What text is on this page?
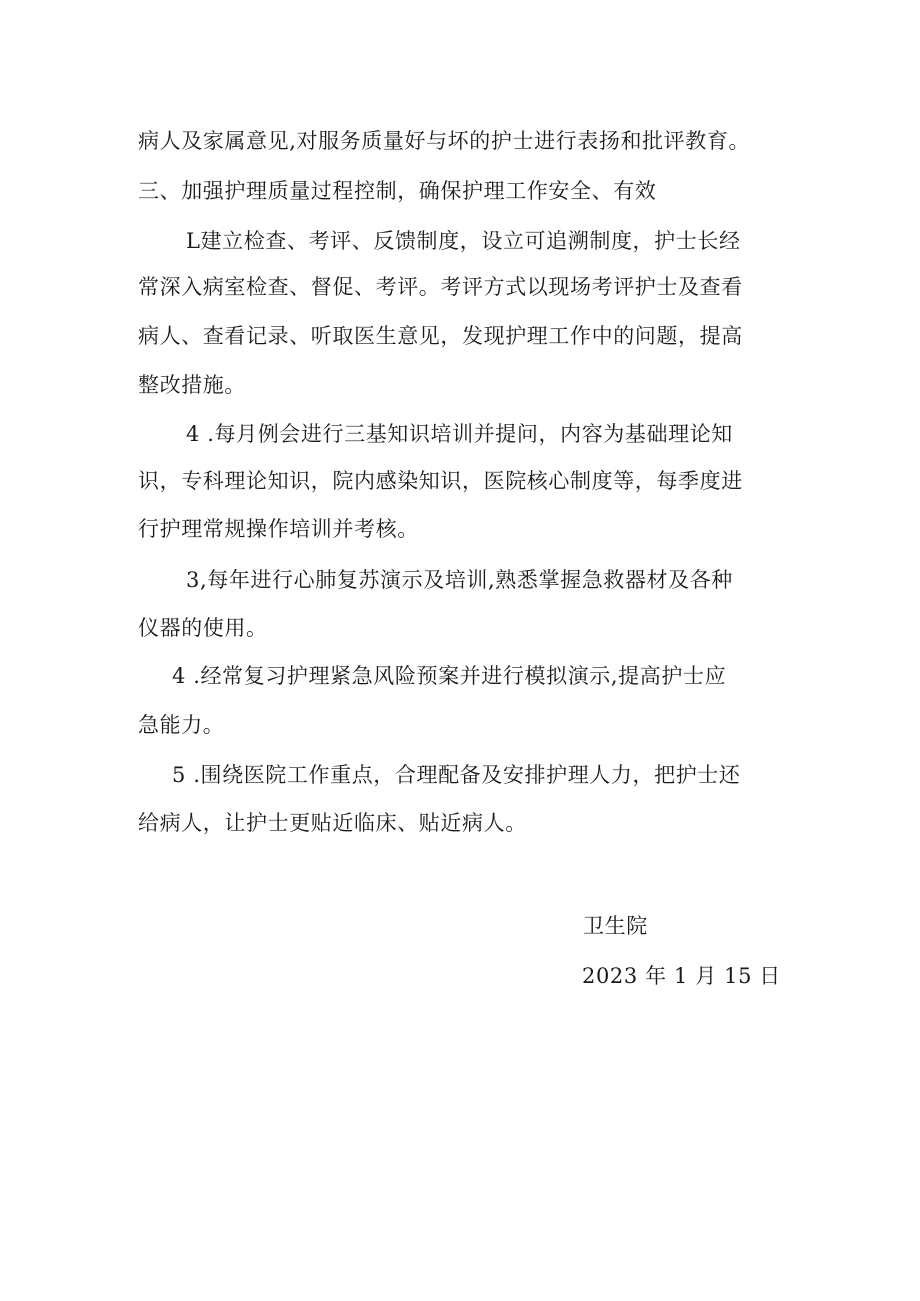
病人及家属意见,对服务质量好与坏的护士进行表扬和批评教育。
三、加强护理质量过程控制，确保护理工作安全、有效
L建立检查、考评、反馈制度，设立可追溯制度，护士长经
常深入病室检查、督促、考评。考评方式以现场考评护士及查看
病人、查看记录、听取医生意见，发现护理工作中的问题，提高
整改措施。
4 .每月例会进行三基知识培训并提问，内容为基础理论知
识，专科理论知识，院内感染知识，医院核心制度等，每季度进
行护理常规操作培训并考核。
3,每年进行心肺复苏演示及培训,熟悉掌握急救器材及各种
仪器的使用。
4 .经常复习护理紧急风险预案并进行模拟演示,提高护士应
急能力。
5 .围绕医院工作重点，合理配备及安排护理人力，把护士还
给病人，让护士更贴近临床、贴近病人。
卫生院
2023 年 1 月 15 日
